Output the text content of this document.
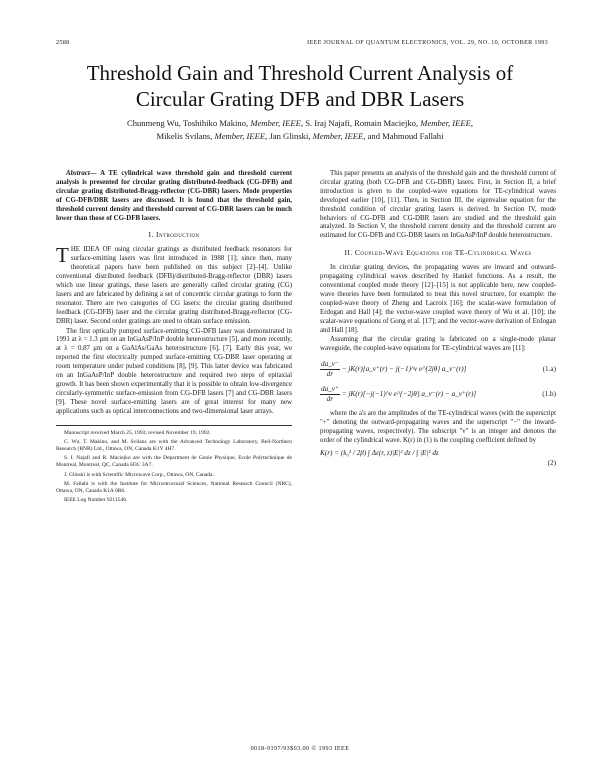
2588	IEEE JOURNAL OF QUANTUM ELECTRONICS, VOL. 29, NO. 10, OCTOBER 1993
Threshold Gain and Threshold Current Analysis of
Circular Grating DFB and DBR Lasers

Chunmeng Wu, Toshihiko Makino, Member, IEEE, S. Iraj Najafi, Romain Maciejko, Member, IEEE,
Mikelis Svilans, Member, IEEE, Jan Glinski, Member, IEEE, and Mahmoud Fallahi

Abstract— A TE cylindrical wave threshold gain and threshold current analysis is presented for circular grating distributed-feedback (CG-DFB) and circular grating distributed-Bragg-reflector (CG-DBR) lasers. Mode properties of CG-DFB/DBR lasers are discussed. It is found that the threshold gain, threshold current density and threshold current of CG-DBR lasers can be much lower than those of CG-DFB lasers.

I. Introduction

T HE IDEA OF using circular gratings as distributed feedback resonators for surface-emitting lasers was first introduced in 1988 [1]; since then, many theoretical papers have been published on this subject [2]–[4]. Unlike conventional distributed feedback (DFB)/distributed-Bragg-reflector (DBR) lasers which use linear gratings, these lasers are generally called circular grating (CG) lasers and are fabricated by defining a set of concentric circular gratings to form the resonator. There are two categories of CG lasers: the circular grating distributed feedback (CG-DFB) laser and the circular grating distributed-Bragg-reflector (CG-DBR) laser. Second order gratings are used to obtain surface emission.

The first optically pumped surface-emitting CG-DFB laser was demonstrated in 1991 at λ = 1.3 μm on an InGaAsP/InP double heterostructure [5], and more recently, at λ = 0.87 μm on a GaAlAs/GaAs heterostructure [6], [7]. Early this year, we reported the first electrically pumped surface-emitting CG-DBR laser operating at room temperature under pulsed conditions [8], [9]. This latter device was fabricated on an InGaAsP/InP double heterostructure and required two steps of epitaxial growth. It has been shown experimentally that it is possible to obtain low-divergence circularly-symmetric surface-emission from CG-DFB lasers [7] and CG-DBR lasers [9]. These novel surface-emitting lasers are of great interest for many new applications such as optical interconnections and two-dimensional laser arrays.

Manuscript received March 25, 1993; revised November 19, 1992.

C. Wu, T. Makino, and M. Svilans are with the Advanced Technology Laboratory, Bell-Northern Research (BNR) Ltd., Ottawa, ON, Canada K1Y 4H7.

S. I. Najafi and R. Maciejko are with the Department de Genie Physique, Ecole Polytechnique de Montreal, Montreal, QC, Canada H3C 3A7.

J. Glinski is with Scientific Microwave Corp., Ottawa, ON, Canada.

M. Fallahi is with the Institute for Microstructural Sciences, National Research Council (NRC), Ottawa, ON, Canada K1A 0R6.

IEEE Log Number 9211546.

This paper presents an analysis of the threshold gain and the threshold current of circular grating (both CG-DFB and CG-DBR) lasers. First, in Section II, a brief introduction is given to the coupled-wave equations for TE-cylindrical waves developed earlier [10], [11]. Then, in Section III, the eigenvalue equation for the threshold condition of circular grating lasers is derived. In Section IV, mode behaviors of CG-DFB and CG-DBR lasers are studied and the threshold gain analyzed. In Section V, the threshold current density and the threshold current are estimated for CG-DFB and CG-DBR lasers on InGaAsP/InP double heterostructure.

II. Coupled-Wave Equations for TE-Cylindrical Waves

In circular grating devices, the propagating waves are inward and outward-propagating cylindrical waves described by Hankel functions. As a result, the conventional coupled mode theory [12]–[15] is not applicable here, new coupled-wave theories have been formulated to treat this novel structure, for example: the coupled-wave theory of Zheng and Lacroix [16]; the scalar-wave formulation of Erdogan and Hall [4]; the vector-wave coupled wave theory of Wu et al. [10]; the scalar-wave equations of Gong et al. [17]; and the vector-wave derivation of Erdogan and Hall [18].

Assuming that the circular grating is fabricated on a single-mode planar waveguide, the coupled-wave equations for TE-cylindrical waves are [11]:

$\frac{da\_\nu^-}{dr}$ − jK(r)[a_ν⁺(r) − j(−1)^ν e^{2jθ} a_ν⁻(r)]	(1.a)
$\frac{da\_\nu^+}{dr}$ = jK(r)[−j(−1)^ν e^{−2jθ} a_ν⁻(r) − a_ν⁺(r)]	(1.b)

where the a's are the amplitudes of the TE-cylindrical waves (with the superscript "+" denoting the outward-propagating waves and the superscript "−" the inward-propagating waves, respectively). The subscript "ν" is an integer and denotes the order of the cylindrical wave. K(r) in (1) is the coupling coefficient defined by

(2)
K(r) = (k₀² / 2β) ∫ Δε(r, z)|E|² dz / ∫ |E|² dz
0018-9197/93$03.00 © 1993 IEEE
